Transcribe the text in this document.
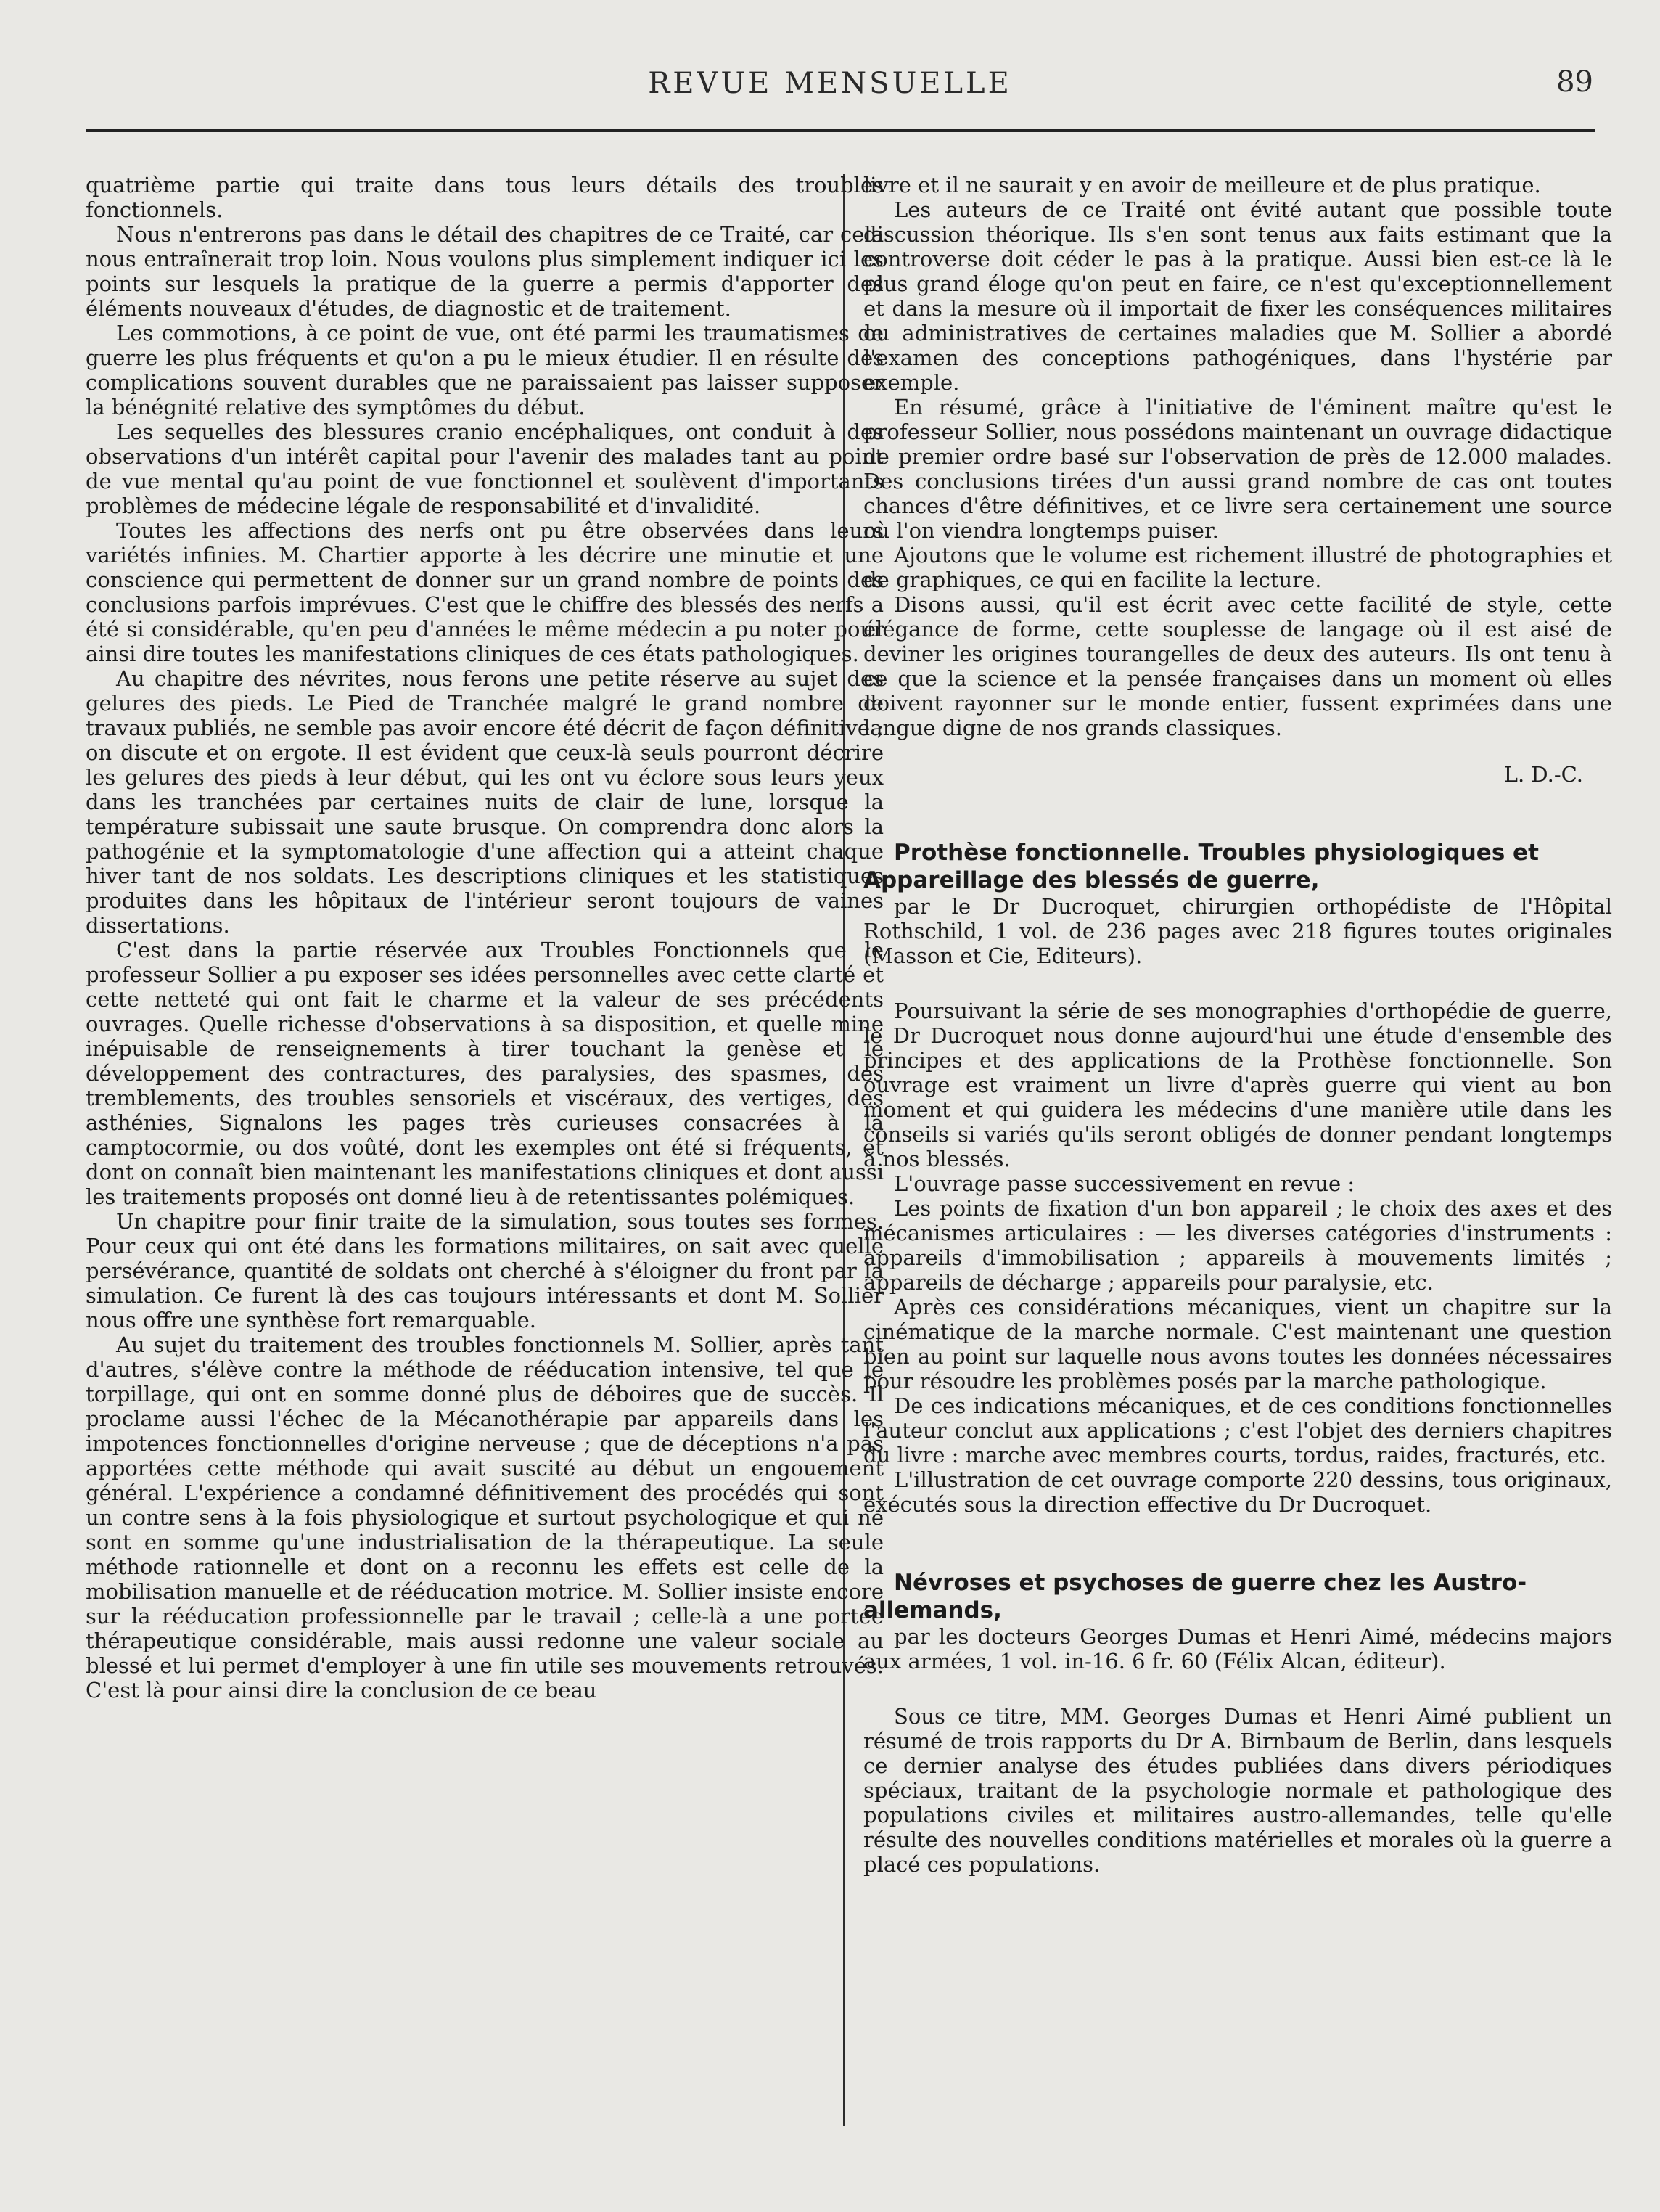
REVUE MENSUELLE	89

quatrième partie qui traite dans tous leurs détails des troubles fonctionnels.

Nous n'entrerons pas dans le détail des chapitres de ce Traité, car cela nous entraînerait trop loin. Nous voulons plus simplement indiquer ici les points sur lesquels la pratique de la guerre a permis d'apporter des éléments nouveaux d'études, de diagnostic et de traitement.

Les commotions, à ce point de vue, ont été parmi les traumatismes de guerre les plus fréquents et qu'on a pu le mieux étudier. Il en résulte des complications souvent durables que ne paraissaient pas laisser supposer la bénégnité relative des symptômes du début.

Les sequelles des blessures cranio encéphaliques, ont conduit à des observations d'un intérêt capital pour l'avenir des malades tant au point de vue mental qu'au point de vue fonctionnel et soulèvent d'importants problèmes de médecine légale de responsabilité et d'invalidité.

Toutes les affections des nerfs ont pu être observées dans leurs variétés infinies. M. Chartier apporte à les décrire une minutie et une conscience qui permettent de donner sur un grand nombre de points des conclusions parfois imprévues. C'est que le chiffre des blessés des nerfs a été si considérable, qu'en peu d'années le même médecin a pu noter pour ainsi dire toutes les manifestations cliniques de ces états pathologiques.

Au chapitre des névrites, nous ferons une petite réserve au sujet des gelures des pieds. Le Pied de Tranchée malgré le grand nombre de travaux publiés, ne semble pas avoir encore été décrit de façon définitive ; on discute et on ergote. Il est évident que ceux-là seuls pourront décrire les gelures des pieds à leur début, qui les ont vu éclore sous leurs yeux dans les tranchées par certaines nuits de clair de lune, lorsque la température subissait une saute brusque. On comprendra donc alors la pathogénie et la symptomatologie d'une affection qui a atteint chaque hiver tant de nos soldats. Les descriptions cliniques et les statistiques produites dans les hôpitaux de l'intérieur seront toujours de vaines dissertations.

C'est dans la partie réservée aux Troubles Fonctionnels que le professeur Sollier a pu exposer ses idées personnelles avec cette clarté et cette netteté qui ont fait le charme et la valeur de ses précédents ouvrages. Quelle richesse d'observations à sa disposition, et quelle mine inépuisable de renseignements à tirer touchant la genèse et le développement des contractures, des paralysies, des spasmes, des tremblements, des troubles sensoriels et viscéraux, des vertiges, des asthénies, Signalons les pages très curieuses consacrées à la camptocormie, ou dos voûté, dont les exemples ont été si fréquents, et dont on connaît bien maintenant les manifestations cliniques et dont aussi les traitements proposés ont donné lieu à de retentissantes polémiques.

Un chapitre pour finir traite de la simulation, sous toutes ses formes. Pour ceux qui ont été dans les formations militaires, on sait avec quelle persévérance, quantité de soldats ont cherché à s'éloigner du front par la simulation. Ce furent là des cas toujours intéressants et dont M. Sollier nous offre une synthèse fort remarquable.

Au sujet du traitement des troubles fonctionnels M. Sollier, après tant d'autres, s'élève contre la méthode de rééducation intensive, tel que le torpillage, qui ont en somme donné plus de déboires que de succès. Il proclame aussi l'échec de la Mécanothérapie par appareils dans les impotences fonctionnelles d'origine nerveuse ; que de déceptions n'a pas apportées cette méthode qui avait suscité au début un engouement général. L'expérience a condamné définitivement des procédés qui sont un contre sens à la fois physiologique et surtout psychologique et qui ne sont en somme qu'une industrialisation de la thérapeutique. La seule méthode rationnelle et dont on a reconnu les effets est celle de la mobilisation manuelle et de rééducation motrice. M. Sollier insiste encore sur la rééducation professionnelle par le travail ; celle-là a une portée thérapeutique considérable, mais aussi redonne une valeur sociale au blessé et lui permet d'employer à une fin utile ses mouvements retrouvés. C'est là pour ainsi dire la conclusion de ce beau

livre et il ne saurait y en avoir de meilleure et de plus pratique.

Les auteurs de ce Traité ont évité autant que possible toute discussion théorique. Ils s'en sont tenus aux faits estimant que la controverse doit céder le pas à la pratique. Aussi bien est-ce là le plus grand éloge qu'on peut en faire, ce n'est qu'exceptionnellement et dans la mesure où il importait de fixer les conséquences militaires ou administratives de certaines maladies que M. Sollier a abordé l'examen des conceptions pathogéniques, dans l'hystérie par exemple.

En résumé, grâce à l'initiative de l'éminent maître qu'est le professeur Sollier, nous possédons maintenant un ouvrage didactique de premier ordre basé sur l'observation de près de 12.000 malades. Des conclusions tirées d'un aussi grand nombre de cas ont toutes chances d'être définitives, et ce livre sera certainement une source où l'on viendra longtemps puiser.

Ajoutons que le volume est richement illustré de photographies et de graphiques, ce qui en facilite la lecture.

Disons aussi, qu'il est écrit avec cette facilité de style, cette élégance de forme, cette souplesse de langage où il est aisé de deviner les origines tourangelles de deux des auteurs. Ils ont tenu à ce que la science et la pensée françaises dans un moment où elles doivent rayonner sur le monde entier, fussent exprimées dans une langue digne de nos grands classiques.

L. D.-C.

Prothèse fonctionnelle. Troubles physiologiques et Appareillage des blessés de guerre,

par le Dr Ducroquet, chirurgien orthopédiste de l'Hôpital Rothschild, 1 vol. de 236 pages avec 218 figures toutes originales (Masson et Cie, Editeurs).

Poursuivant la série de ses monographies d'orthopédie de guerre, le Dr Ducroquet nous donne aujourd'hui une étude d'ensemble des principes et des applications de la Prothèse fonctionnelle. Son ouvrage est vraiment un livre d'après guerre qui vient au bon moment et qui guidera les médecins d'une manière utile dans les conseils si variés qu'ils seront obligés de donner pendant longtemps à nos blessés.

L'ouvrage passe successivement en revue :

Les points de fixation d'un bon appareil ; le choix des axes et des mécanismes articulaires : — les diverses catégories d'instruments : appareils d'immobilisation ; appareils à mouvements limités ; appareils de décharge ; appareils pour paralysie, etc.

Après ces considérations mécaniques, vient un chapitre sur la cinématique de la marche normale. C'est maintenant une question bien au point sur laquelle nous avons toutes les données nécessaires pour résoudre les problèmes posés par la marche pathologique.

De ces indications mécaniques, et de ces conditions fonctionnelles l'auteur conclut aux applications ; c'est l'objet des derniers chapitres du livre : marche avec membres courts, tordus, raides, fracturés, etc.

L'illustration de cet ouvrage comporte 220 dessins, tous originaux, exécutés sous la direction effective du Dr Ducroquet.

Névroses et psychoses de guerre chez les Austro-allemands,

par les docteurs Georges Dumas et Henri Aimé, médecins majors aux armées, 1 vol. in-16. 6 fr. 60 (Félix Alcan, éditeur).

Sous ce titre, MM. Georges Dumas et Henri Aimé publient un résumé de trois rapports du Dr A. Birnbaum de Berlin, dans lesquels ce dernier analyse des études publiées dans divers périodiques spéciaux, traitant de la psychologie normale et pathologique des populations civiles et militaires austro-allemandes, telle qu'elle résulte des nouvelles conditions matérielles et morales où la guerre a placé ces populations.
